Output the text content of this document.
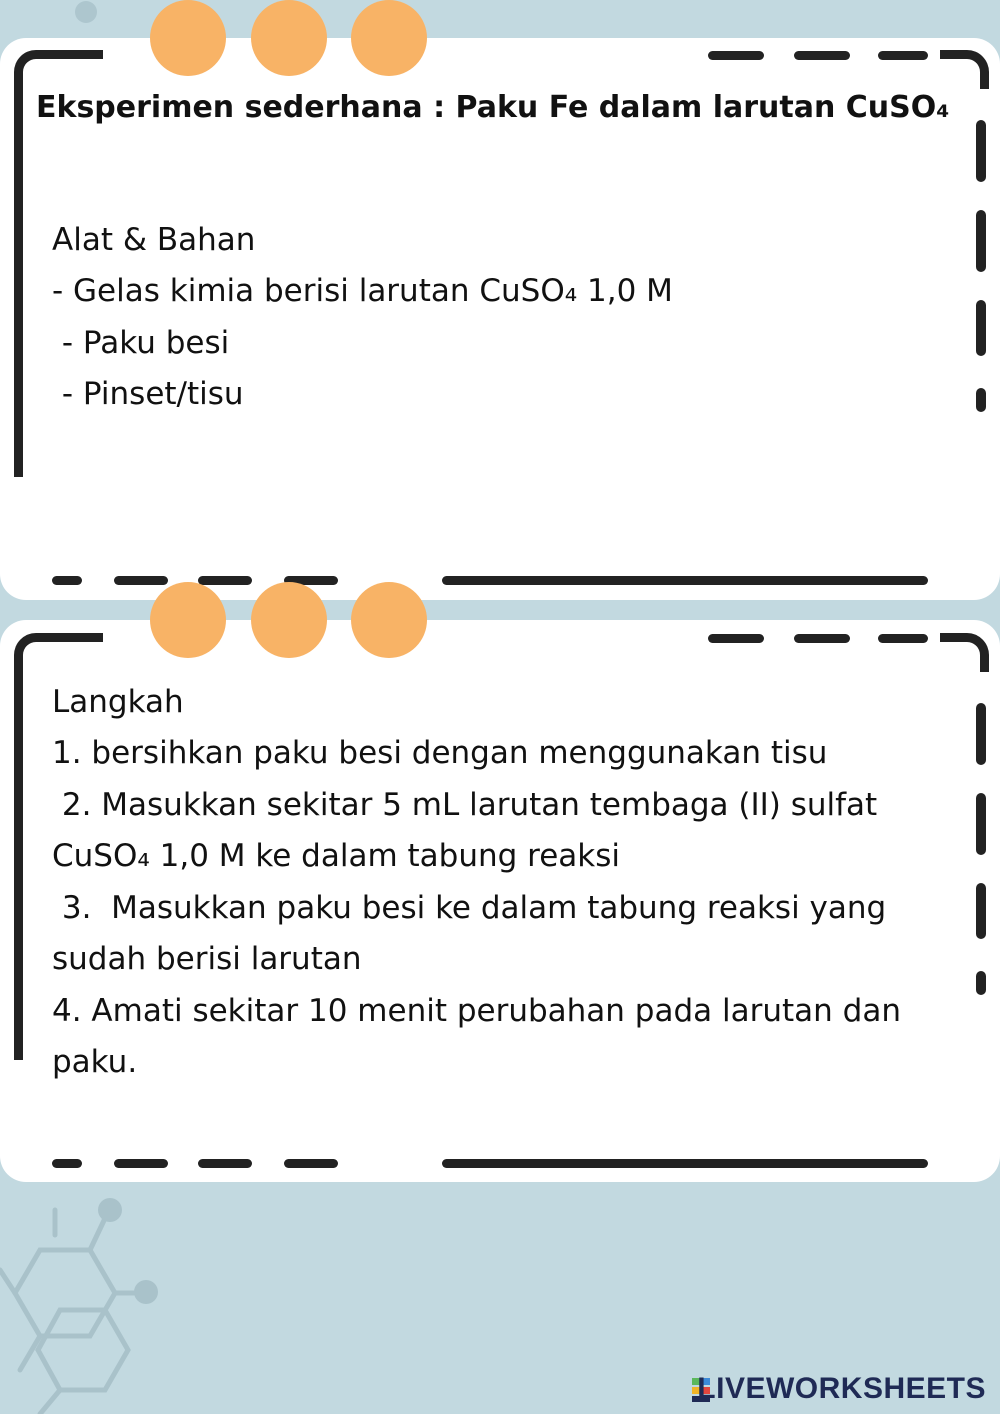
Eksperimen sederhana : Paku Fe dalam larutan CuSO₄

Alat & Bahan

- Gelas kimia berisi larutan CuSO₄ 1,0 M

- Paku besi

- Pinset/tisu

Langkah

1. bersihkan paku besi dengan menggunakan tisu

2. Masukkan sekitar 5 mL larutan tembaga (II) sulfat

CuSO₄ 1,0 M ke dalam tabung reaksi

3.  Masukkan paku besi ke dalam tabung reaksi yang

sudah berisi larutan

4. Amati sekitar 10 menit perubahan pada larutan dan

paku.

LIVEWORKSHEETS
